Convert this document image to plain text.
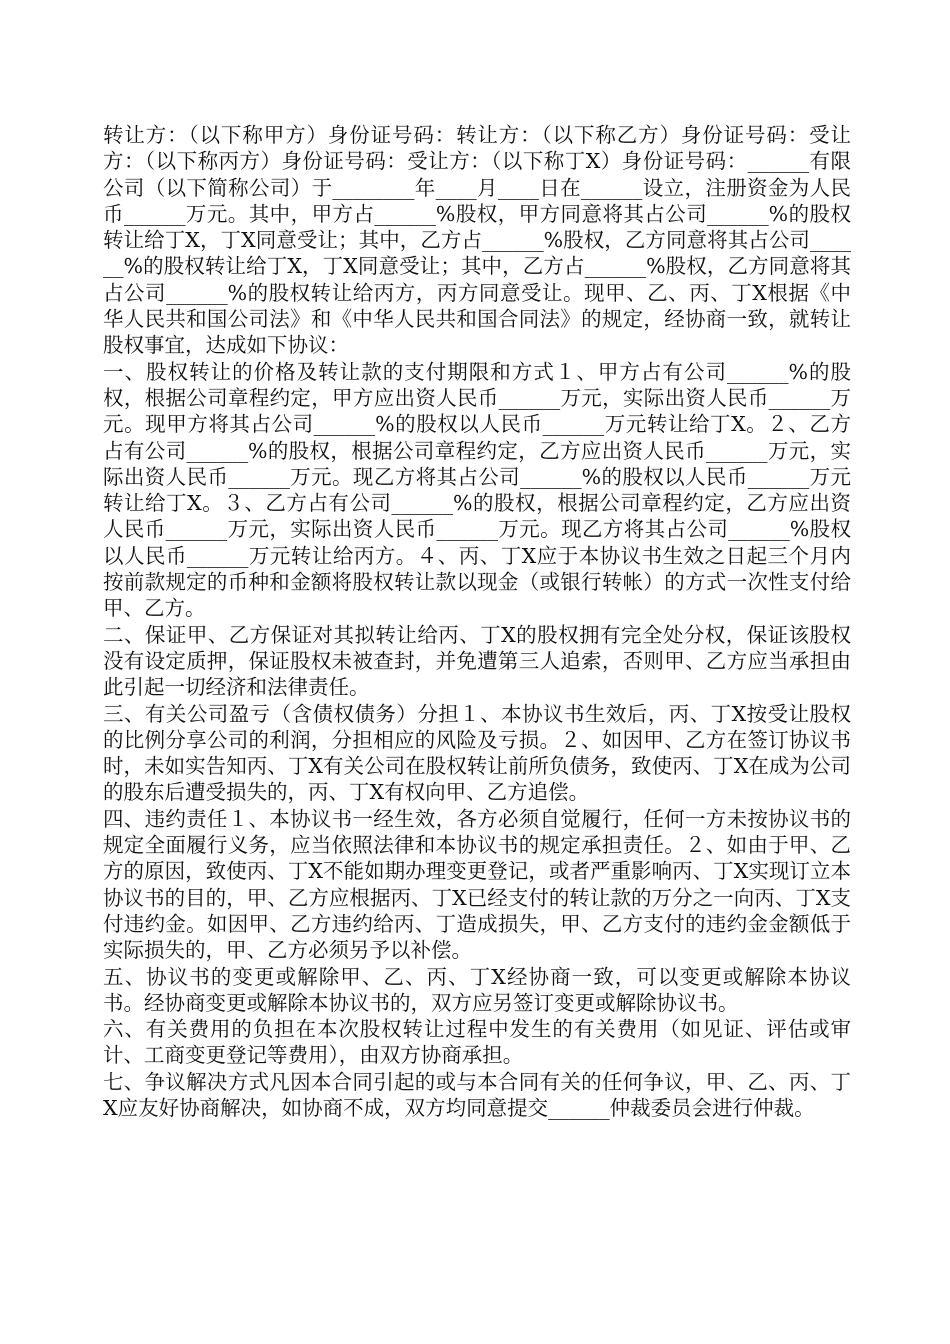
转让方：（以下称甲方）身份证号码：转让方：（以下称乙方）身份证号码：受让方：（以下称丙方）身份证号码：受让方：（以下称丁X）身份证号码：______有限公司（以下简称公司）于________年____月____日在______设立，注册资金为人民币______万元。其中，甲方占______%股权，甲方同意将其占公司______%的股权转让给丁X，丁X同意受让；其中，乙方占______%股权，乙方同意将其占公司______%的股权转让给丁X，丁X同意受让；其中，乙方占______%股权，乙方同意将其占公司______%的股权转让给丙方，丙方同意受让。现甲、乙、丙、丁X根据《中华人民共和国公司法》和《中华人民共和国合同法》的规定，经协商一致，就转让股权事宜，达成如下协议：

一、股权转让的价格及转让款的支付期限和方式１、甲方占有公司______%的股权，根据公司章程约定，甲方应出资人民币______万元，实际出资人民币______万元。现甲方将其占公司______%的股权以人民币______万元转让给丁X。２、乙方占有公司______%的股权，根据公司章程约定，乙方应出资人民币______万元，实际出资人民币______万元。现乙方将其占公司______%的股权以人民币______万元转让给丁X。３、乙方占有公司______%的股权，根据公司章程约定，乙方应出资人民币______万元，实际出资人民币______万元。现乙方将其占公司______%股权以人民币______万元转让给丙方。４、丙、丁X应于本协议书生效之日起三个月内按前款规定的币种和金额将股权转让款以现金（或银行转帐）的方式一次性支付给甲、乙方。

二、保证甲、乙方保证对其拟转让给丙、丁X的股权拥有完全处分权，保证该股权没有设定质押，保证股权未被查封，并免遭第三人追索，否则甲、乙方应当承担由此引起一切经济和法律责任。

三、有关公司盈亏（含债权债务）分担１、本协议书生效后，丙、丁X按受让股权的比例分享公司的利润，分担相应的风险及亏损。２、如因甲、乙方在签订协议书时，未如实告知丙、丁X有关公司在股权转让前所负债务，致使丙、丁X在成为公司的股东后遭受损失的，丙、丁X有权向甲、乙方追偿。

四、违约责任１、本协议书一经生效，各方必须自觉履行，任何一方未按协议书的规定全面履行义务，应当依照法律和本协议书的规定承担责任。２、如由于甲、乙方的原因，致使丙、丁X不能如期办理变更登记，或者严重影响丙、丁X实现订立本协议书的目的，甲、乙方应根据丙、丁X已经支付的转让款的万分之一向丙、丁X支付违约金。如因甲、乙方违约给丙、丁造成损失，甲、乙方支付的违约金金额低于实际损失的，甲、乙方必须另予以补偿。

五、协议书的变更或解除甲、乙、丙、丁X经协商一致，可以变更或解除本协议书。经协商变更或解除本协议书的，双方应另签订变更或解除协议书。

六、有关费用的负担在本次股权转让过程中发生的有关费用（如见证、评估或审计、工商变更登记等费用），由双方协商承担。

七、争议解决方式凡因本合同引起的或与本合同有关的任何争议，甲、乙、丙、丁X应友好协商解决，如协商不成，双方均同意提交______仲裁委员会进行仲裁。
